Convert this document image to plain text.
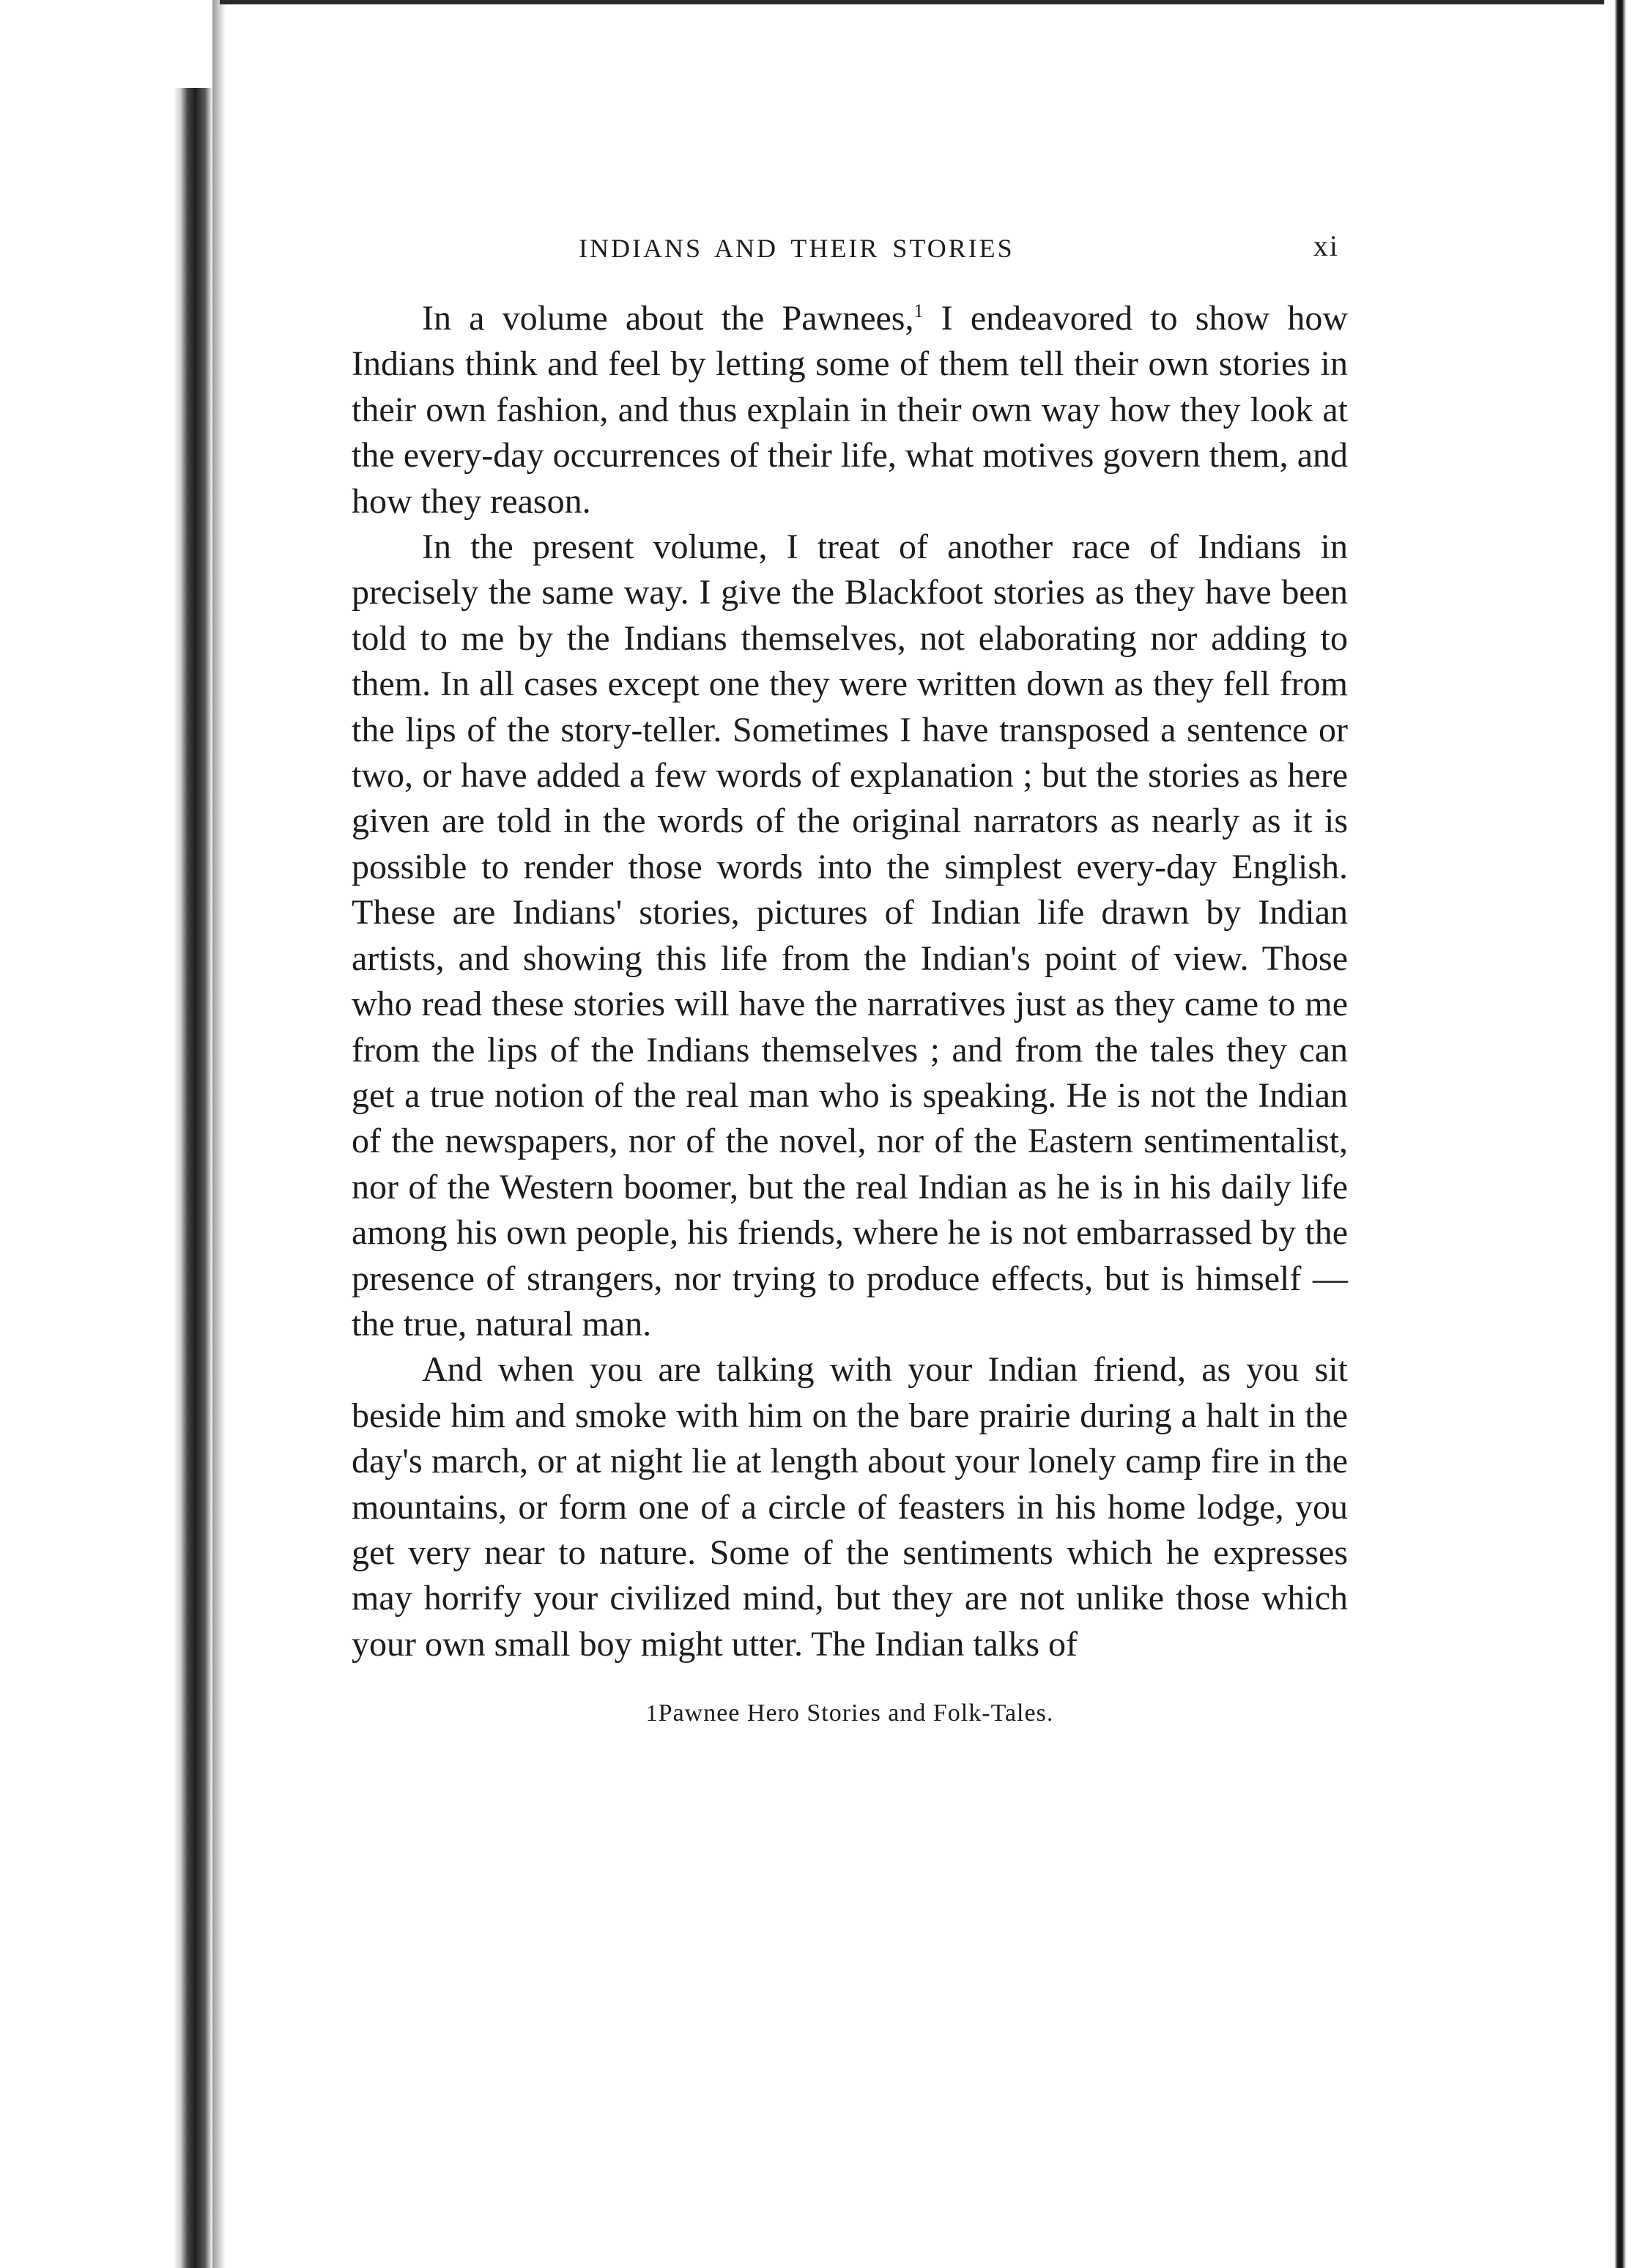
INDIANS AND THEIR STORIES	xi

In a volume about the Pawnees,$^1$ I endeavored to show how Indians think and feel by letting some of them tell their own stories in their own fashion, and thus explain in their own way how they look at the every-day occurrences of their life, what motives govern them, and how they reason.

In the present volume, I treat of another race of Indians in precisely the same way. I give the Blackfoot stories as they have been told to me by the Indians themselves, not elaborating nor adding to them. In all cases except one they were written down as they fell from the lips of the story-teller. Sometimes I have transposed a sentence or two, or have added a few words of explanation ; but the stories as here given are told in the words of the original narrators as nearly as it is possible to render those words into the simplest every-day English. These are Indians' stories, pictures of Indian life drawn by Indian artists, and showing this life from the Indian's point of view. Those who read these stories will have the narratives just as they came to me from the lips of the Indians themselves ; and from the tales they can get a true notion of the real man who is speaking. He is not the Indian of the newspapers, nor of the novel, nor of the Eastern sentimentalist, nor of the Western boomer, but the real Indian as he is in his daily life among his own people, his friends, where he is not embarrassed by the presence of strangers, nor trying to produce effects, but is himself — the true, natural man.

And when you are talking with your Indian friend, as you sit beside him and smoke with him on the bare prairie during a halt in the day's march, or at night lie at length about your lonely camp fire in the mountains, or form one of a circle of feasters in his home lodge, you get very near to nature. Some of the sentiments which he expresses may horrify your civilized mind, but they are not unlike those which your own small boy might utter. The Indian talks of

1Pawnee Hero Stories and Folk-Tales.
